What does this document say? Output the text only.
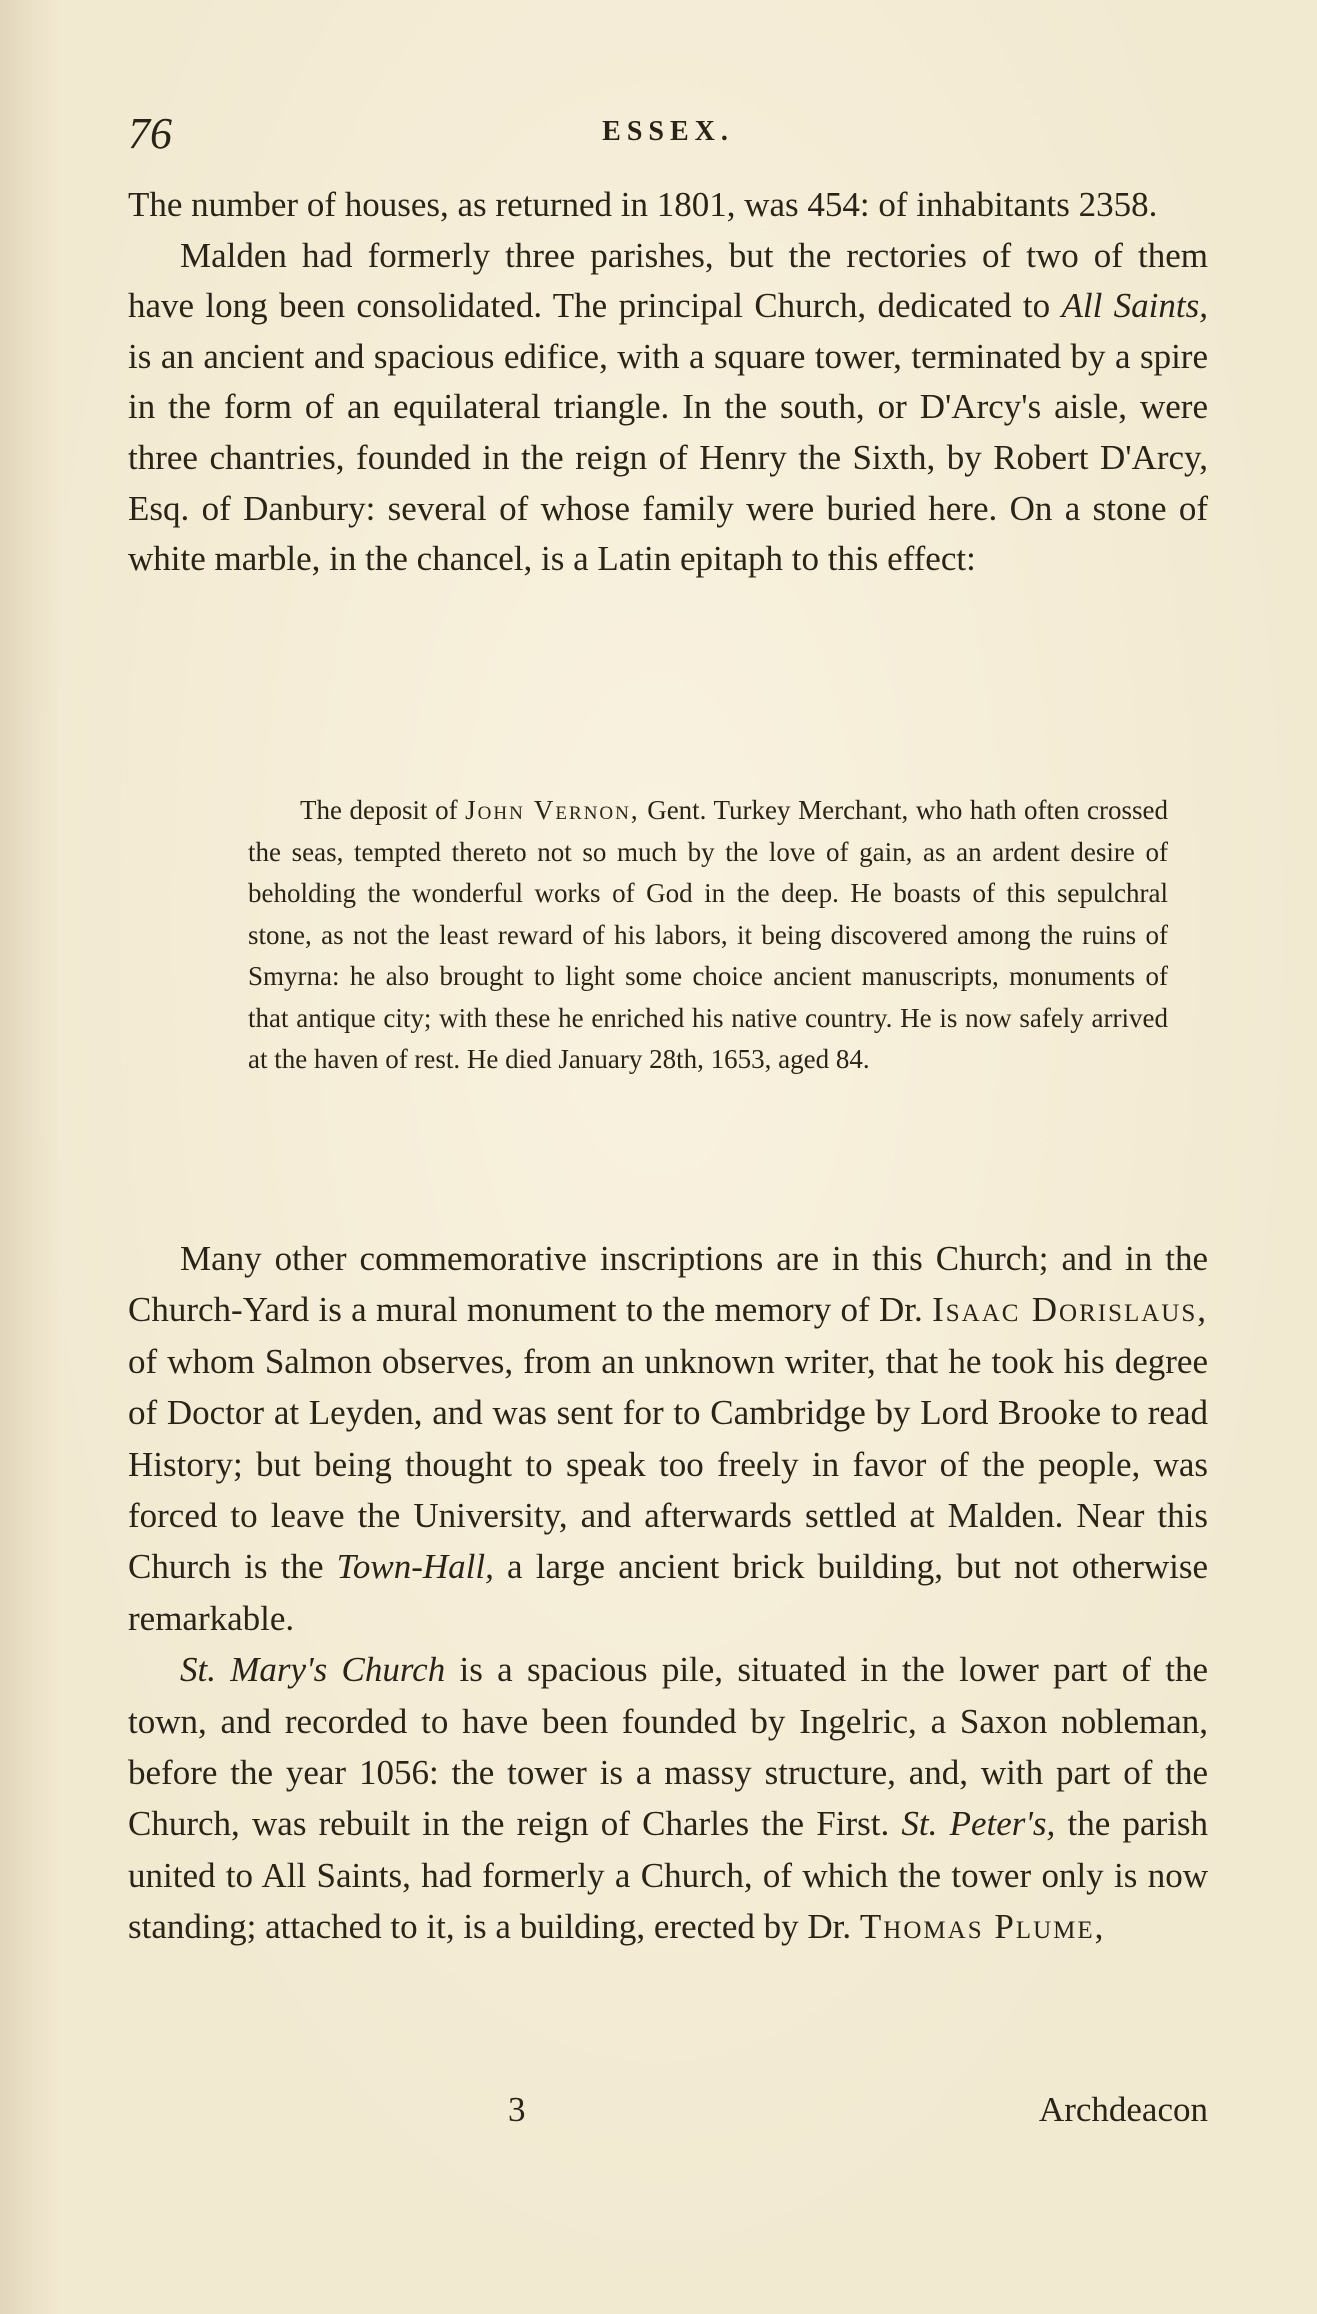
76	ESSEX.

The number of houses, as returned in 1801, was 454: of inhabitants 2358.

Malden had formerly three parishes, but the rectories of two of them have long been consolidated. The principal Church, dedicated to All Saints, is an ancient and spacious edifice, with a square tower, terminated by a spire in the form of an equilateral triangle. In the south, or D'Arcy's aisle, were three chantries, founded in the reign of Henry the Sixth, by Robert D'Arcy, Esq. of Danbury: several of whose family were buried here. On a stone of white marble, in the chancel, is a Latin epitaph to this effect:

The deposit of John Vernon, Gent. Turkey Merchant, who hath often crossed the seas, tempted thereto not so much by the love of gain, as an ardent desire of beholding the wonderful works of God in the deep. He boasts of this sepulchral stone, as not the least reward of his labors, it being discovered among the ruins of Smyrna: he also brought to light some choice ancient manuscripts, monuments of that antique city; with these he enriched his native country. He is now safely arrived at the haven of rest. He died January 28th, 1653, aged 84.

Many other commemorative inscriptions are in this Church; and in the Church-Yard is a mural monument to the memory of Dr. Isaac Dorislaus, of whom Salmon observes, from an unknown writer, that he took his degree of Doctor at Leyden, and was sent for to Cambridge by Lord Brooke to read History; but being thought to speak too freely in favor of the people, was forced to leave the University, and afterwards settled at Malden. Near this Church is the Town-Hall, a large ancient brick building, but not otherwise remarkable.

St. Mary's Church is a spacious pile, situated in the lower part of the town, and recorded to have been founded by Ingelric, a Saxon nobleman, before the year 1056: the tower is a massy structure, and, with part of the Church, was rebuilt in the reign of Charles the First. St. Peter's, the parish united to All Saints, had formerly a Church, of which the tower only is now standing; attached to it, is a building, erected by Dr. Thomas Plume,

3	Archdeacon
